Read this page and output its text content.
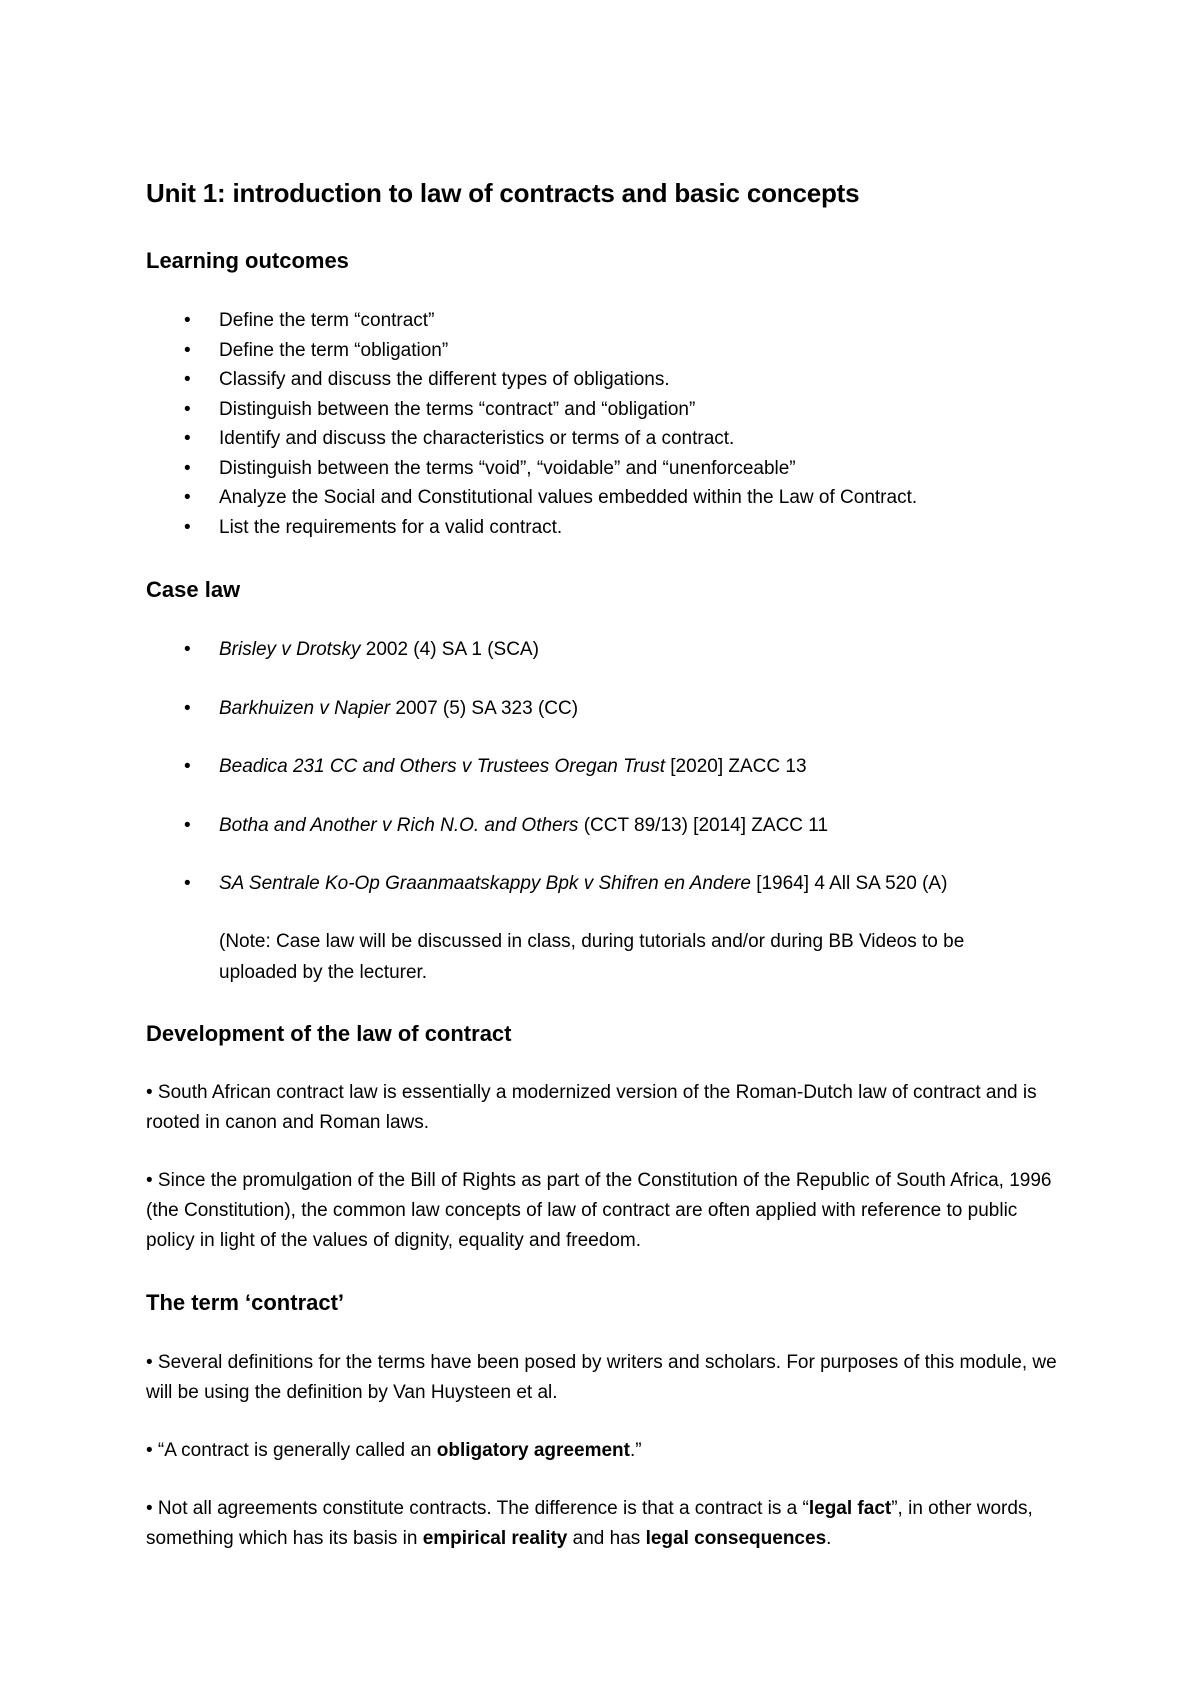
Unit 1: introduction to law of contracts and basic concepts
Learning outcomes
• Define the term “contract”
• Define the term “obligation”
• Classify and discuss the different types of obligations.
• Distinguish between the terms “contract” and “obligation”
• Identify and discuss the characteristics or terms of a contract.
• Distinguish between the terms “void”, “voidable” and “unenforceable”
• Analyze the Social and Constitutional values embedded within the Law of Contract.
• List the requirements for a valid contract.
Case law
• Brisley v Drotsky 2002 (4) SA 1 (SCA)
• Barkhuizen v Napier 2007 (5) SA 323 (CC)
• Beadica 231 CC and Others v Trustees Oregan Trust [2020] ZACC 13
• Botha and Another v Rich N.O. and Others (CCT 89/13) [2014] ZACC 11
• SA Sentrale Ko-Op Graanmaatskappy Bpk v Shifren en Andere [1964] 4 All SA 520 (A)
(Note: Case law will be discussed in class, during tutorials and/or during BB Videos to be uploaded by the lecturer.
Development of the law of contract

• South African contract law is essentially a modernized version of the Roman-Dutch law of contract and is rooted in canon and Roman laws.

• Since the promulgation of the Bill of Rights as part of the Constitution of the Republic of South Africa, 1996 (the Constitution), the common law concepts of law of contract are often applied with reference to public policy in light of the values of dignity, equality and freedom.

The term ‘contract’

• Several definitions for the terms have been posed by writers and scholars. For purposes of this module, we will be using the definition by Van Huysteen et al.

• “A contract is generally called an obligatory agreement.”

• Not all agreements constitute contracts. The difference is that a contract is a “legal fact”, in other words, something which has its basis in empirical reality and has legal consequences.
